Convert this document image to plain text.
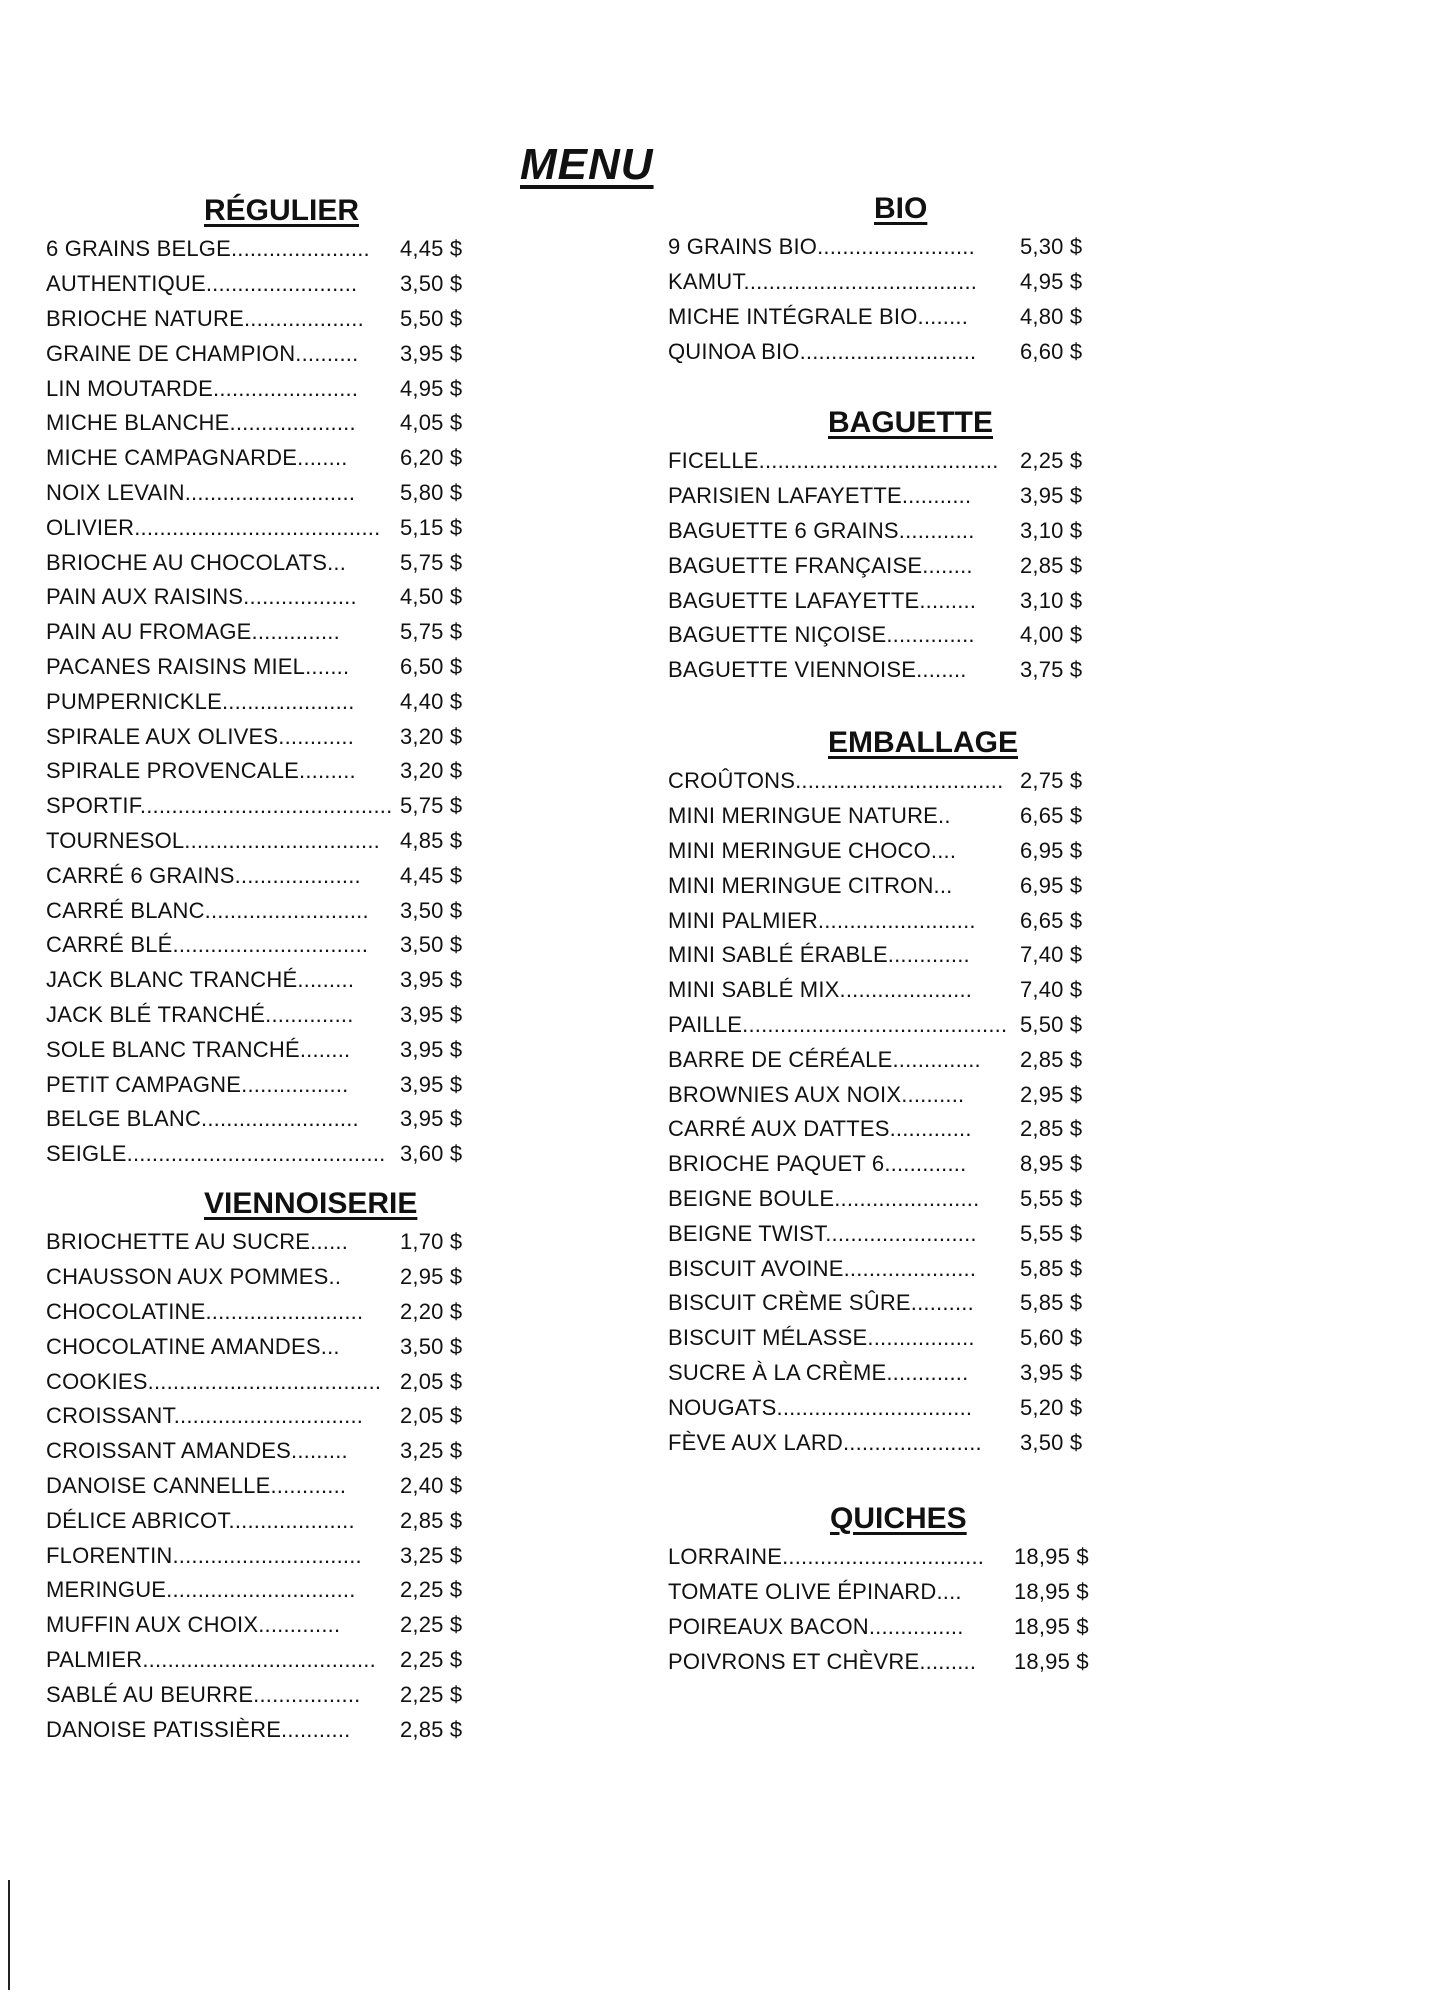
MENU
RÉGULIER
6 GRAINS BELGE...................... 4,45 $
AUTHENTIQUE........................ 3,50 $
BRIOCHE NATURE................... 5,50 $
GRAINE DE CHAMPION.......... 3,95 $
LIN MOUTARDE....................... 4,95 $
MICHE BLANCHE.................... 4,05 $
MICHE CAMPAGNARDE........ 6,20 $
NOIX LEVAIN........................... 5,80 $
OLIVIER....................................... 5,15 $
BRIOCHE AU CHOCOLATS... 5,75 $
PAIN AUX RAISINS.................. 4,50 $
PAIN AU FROMAGE..............	5,75 $
PACANES RAISINS MIEL....... 6,50 $
PUMPERNICKLE..................... 4,40 $
SPIRALE AUX OLIVES............ 3,20 $
SPIRALE PROVENCALE......... 3,20 $
SPORTIF........................................ 5,75 $
TOURNESOL............................... 4,85 $
CARRÉ 6 GRAINS.................... 4,45 $
CARRÉ BLANC.......................... 3,50 $
CARRÉ BLÉ............................... 3,50 $
JACK BLANC TRANCHÉ......... 3,95 $
JACK BLÉ TRANCHÉ.............. 3,95 $
SOLE BLANC TRANCHÉ........ 3,95 $
PETIT CAMPAGNE................. 3,95 $
BELGE BLANC......................... 3,95 $
SEIGLE......................................... 3,60 $
VIENNOISERIE
BRIOCHETTE AU SUCRE...... 1,70 $
CHAUSSON AUX POMMES..	2,95 $
CHOCOLATINE......................... 2,20 $
CHOCOLATINE AMANDES...	3,50 $
COOKIES..................................... 2,05 $
CROISSANT.............................. 2,05 $
CROISSANT AMANDES......... 3,25 $
DANOISE CANNELLE............ 2,40 $
DÉLICE ABRICOT.................... 2,85 $
FLORENTIN.............................. 3,25 $
MERINGUE.............................. 2,25 $
MUFFIN AUX CHOIX.............	2,25 $
PALMIER..................................... 2,25 $
SABLÉ AU BEURRE................. 2,25 $
DANOISE PATISSIÈRE........... 2,85 $
BIO
9 GRAINS BIO......................... 5,30 $
KAMUT..................................... 4,95 $
MICHE INTÉGRALE BIO........ 4,80 $
QUINOA BIO............................ 6,60 $
BAGUETTE
FICELLE...................................... 2,25 $
PARISIEN LAFAYETTE........... 3,95 $
BAGUETTE 6 GRAINS............ 3,10 $
BAGUETTE FRANÇAISE........ 2,85 $
BAGUETTE LAFAYETTE......... 3,10 $
BAGUETTE NIÇOISE.............. 4,00 $
BAGUETTE VIENNOISE........ 3,75 $
EMBALLAGE
CROÛTONS................................. 2,75 $
MINI MERINGUE NATURE..	6,65 $
MINI MERINGUE CHOCO....	6,95 $
MINI MERINGUE CITRON...	6,95 $
MINI PALMIER......................... 6,65 $
MINI SABLÉ ÉRABLE............. 7,40 $
MINI SABLÉ MIX..................... 7,40 $
PAILLE.......................................... 5,50 $
BARRE DE CÉRÉALE.............. 2,85 $
BROWNIES AUX NOIX..........	2,95 $
CARRÉ AUX DATTES............. 2,85 $
BRIOCHE PAQUET 6............. 8,95 $
BEIGNE BOULE....................... 5,55 $
BEIGNE TWIST........................ 5,55 $
BISCUIT AVOINE..................... 5,85 $
BISCUIT CRÈME SÛRE.......... 5,85 $
BISCUIT MÉLASSE................. 5,60 $
SUCRE À LA CRÈME............. 3,95 $
NOUGATS............................... 5,20 $
FÈVE AUX LARD...................... 3,50 $
QUICHES
LORRAINE................................ 18,95 $
TOMATE OLIVE ÉPINARD.... 18,95 $
POIREAUX BACON............... 18,95 $
POIVRONS ET CHÈVRE......... 18,95 $
